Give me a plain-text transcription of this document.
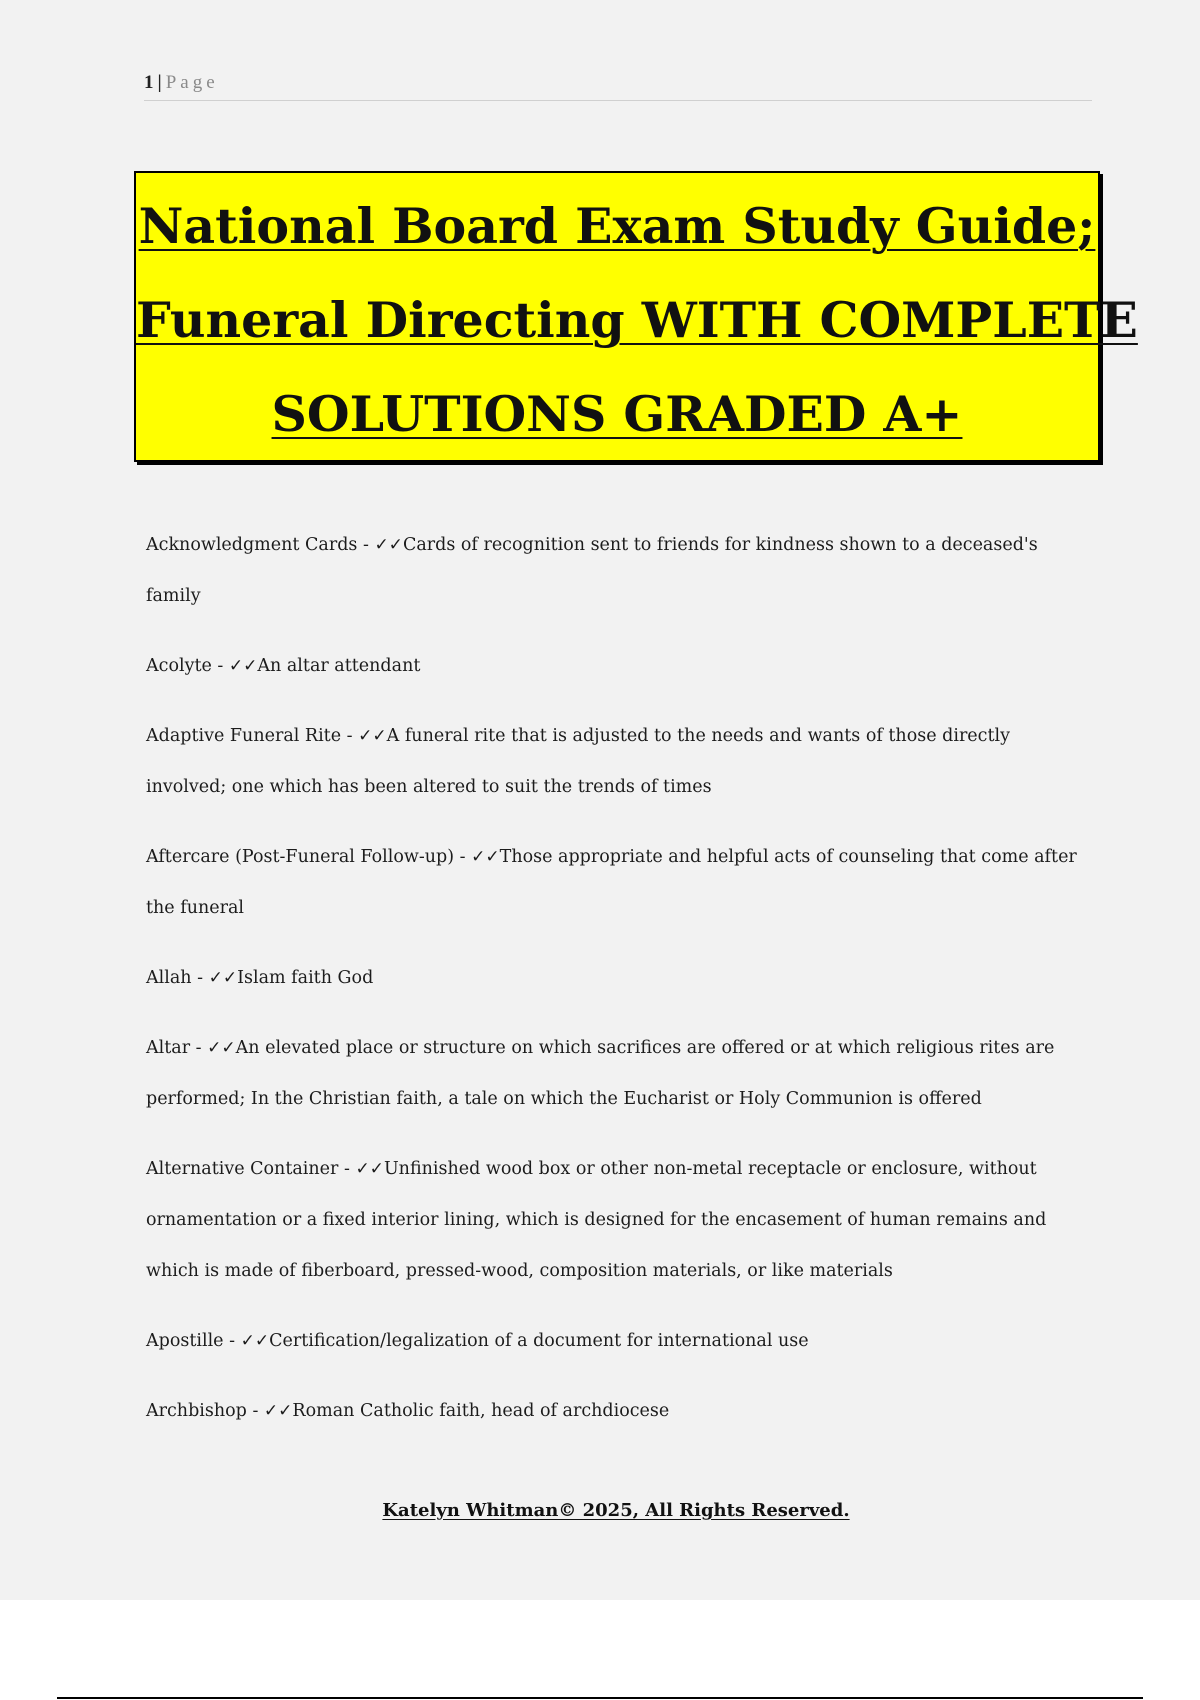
1 | Page
National Board Exam Study Guide;
Funeral Directing WITH COMPLETE
SOLUTIONS GRADED A+
Acknowledgment Cards - ✓✓Cards of recognition sent to friends for kindness shown to a deceased's family
Acolyte - ✓✓An altar attendant
Adaptive Funeral Rite - ✓✓A funeral rite that is adjusted to the needs and wants of those directly involved; one which has been altered to suit the trends of times
Aftercare (Post-Funeral Follow-up) - ✓✓Those appropriate and helpful acts of counseling that come after the funeral
Allah - ✓✓Islam faith God
Altar - ✓✓An elevated place or structure on which sacrifices are offered or at which religious rites are performed; In the Christian faith, a tale on which the Eucharist or Holy Communion is offered
Alternative Container - ✓✓Unfinished wood box or other non-metal receptacle or enclosure, without ornamentation or a fixed interior lining, which is designed for the encasement of human remains and which is made of fiberboard, pressed-wood, composition materials, or like materials
Apostille - ✓✓Certification/legalization of a document for international use
Archbishop - ✓✓Roman Catholic faith, head of archdiocese
Katelyn Whitman© 2025, All Rights Reserved.
